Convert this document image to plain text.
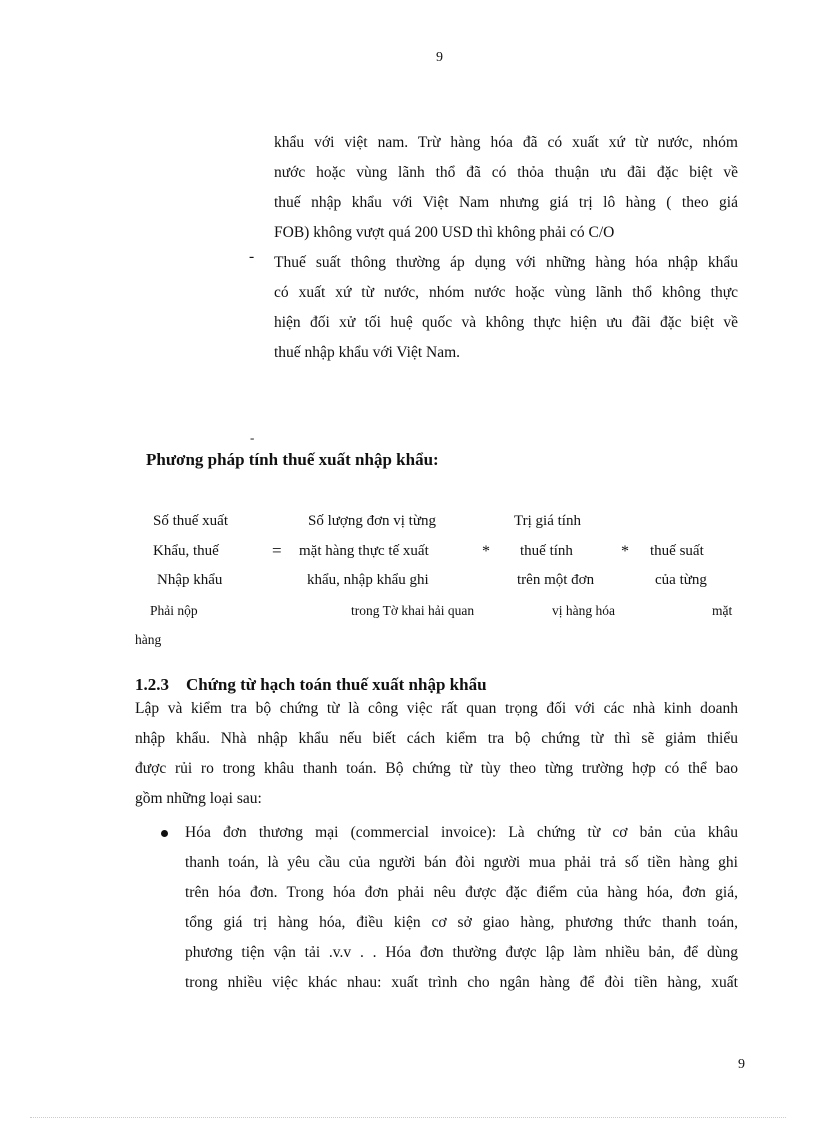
9
khẩu với việt nam. Trừ hàng hóa đã có xuất xứ từ nước, nhóm
nước hoặc vùng lãnh thổ đã có thỏa thuận ưu đãi đặc biệt về
thuế nhập khẩu với Việt Nam nhưng giá trị lô hàng ( theo giá
FOB) không vượt quá 200 USD thì không phải có C/O
- Thuế suất thông thường áp dụng với những hàng hóa nhập khẩu
có xuất xứ từ nước, nhóm nước hoặc vùng lãnh thổ không thực
hiện đối xử tối huệ quốc và không thực hiện ưu đãi đặc biệt về
thuế nhập khẩu với Việt Nam.
-
Phương pháp tính thuế xuất nhập khẩu:
Số thuế xuất
Khẩu, thuế
Nhập khẩu
Phải nộp
=
Số lượng đơn vị từng
mặt hàng thực tế xuất
khẩu, nhập khẩu ghi
trong Tờ khai hải quan
*
Trị giá tính
thuế tính
trên một đơn
vị hàng hóa
* thuế suất
của từng
mặt
hàng
1.2.3 Chứng từ hạch toán thuế xuất nhập khẩu
Lập và kiểm tra bộ chứng từ là công việc rất quan trọng đối với các nhà kinh doanh
nhập khẩu. Nhà nhập khẩu nếu biết cách kiểm tra bộ chứng từ thì sẽ giảm thiểu
được rủi ro trong khâu thanh toán. Bộ chứng từ tùy theo từng trường hợp có thể bao
gồm những loại sau:
Hóa đơn thương mại (commercial invoice): Là chứng từ cơ bản của khâu
thanh toán, là yêu cầu của người bán đòi người mua phải trả số tiền hàng ghi
trên hóa đơn. Trong hóa đơn phải nêu được đặc điểm của hàng hóa, đơn giá,
tổng giá trị hàng hóa, điều kiện cơ sở giao hàng, phương thức thanh toán,
phương tiện vận tải .v.v . . Hóa đơn thường được lập làm nhiều bản, để dùng
trong nhiều việc khác nhau: xuất trình cho ngân hàng để đòi tiền hàng, xuất
9
